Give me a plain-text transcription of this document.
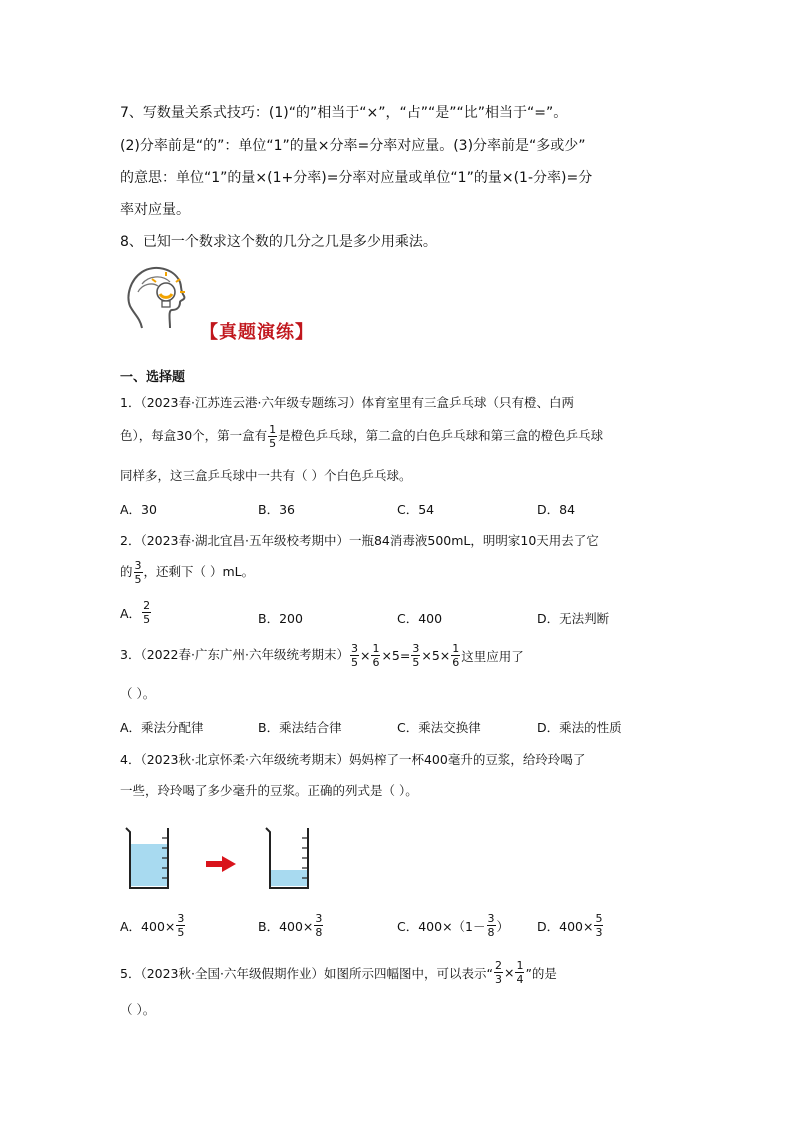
7、写数量关系式技巧：(1)“的”相当于“×”，“占”“是”“比”相当于“=”。
(2)分率前是“的”：单位“1”的量×分率=分率对应量。(3)分率前是“多或少”
的意思：单位“1”的量×(1+分率)=分率对应量或单位“1”的量×(1-分率)=分
率对应量。
8、已知一个数求这个数的几分之几是多少用乘法。
【真题演练】
一、选择题
1．（2023春·江苏连云港·六年级专题练习）体育室里有三盒乒乓球（只有橙、白两
色），每盒30个，第一盒有 $\frac{1}{5}$ 是橙色乒乓球，第二盒的白色乒乓球和第三盒的橙色乒乓球
同样多，这三盒乒乓球中一共有（ ）个白色乒乓球。
A．30	B．36	C．54	D．84
2．（2023春·湖北宜昌·五年级校考期中）一瓶84消毒液500mL，明明家10天用去了它
的 $\frac{3}{5}$ ，还剩下（ ）mL。
A． $\frac{2}{5}$	B．200	C．400	D．无法判断
3．（2022春·广东广州·六年级统考期末） $\frac{3}{5} \times \frac{1}{6} \times 5= \frac{3}{5} \times 5\times \frac{1}{6}$ 这里应用了
（ ）。
A．乘法分配律	B．乘法结合律	C．乘法交换律	D．乘法的性质
4．（2023秋·北京怀柔·六年级统考期末）妈妈榨了一杯400毫升的豆浆，给玲玲喝了
一些，玲玲喝了多少毫升的豆浆。正确的列式是（ ）。
A．$400\times \frac{3}{5}$	B．$400\times \frac{3}{8}$	C．$400\times(1- \frac{3}{8}$ ） D．$400\times \frac{5}{3}$
5．（2023秋·全国·六年级假期作业）如图所示四幅图中，可以表示“ $\frac{2}{3} \times \frac{1}{4}$ ”的是
（ ）。
